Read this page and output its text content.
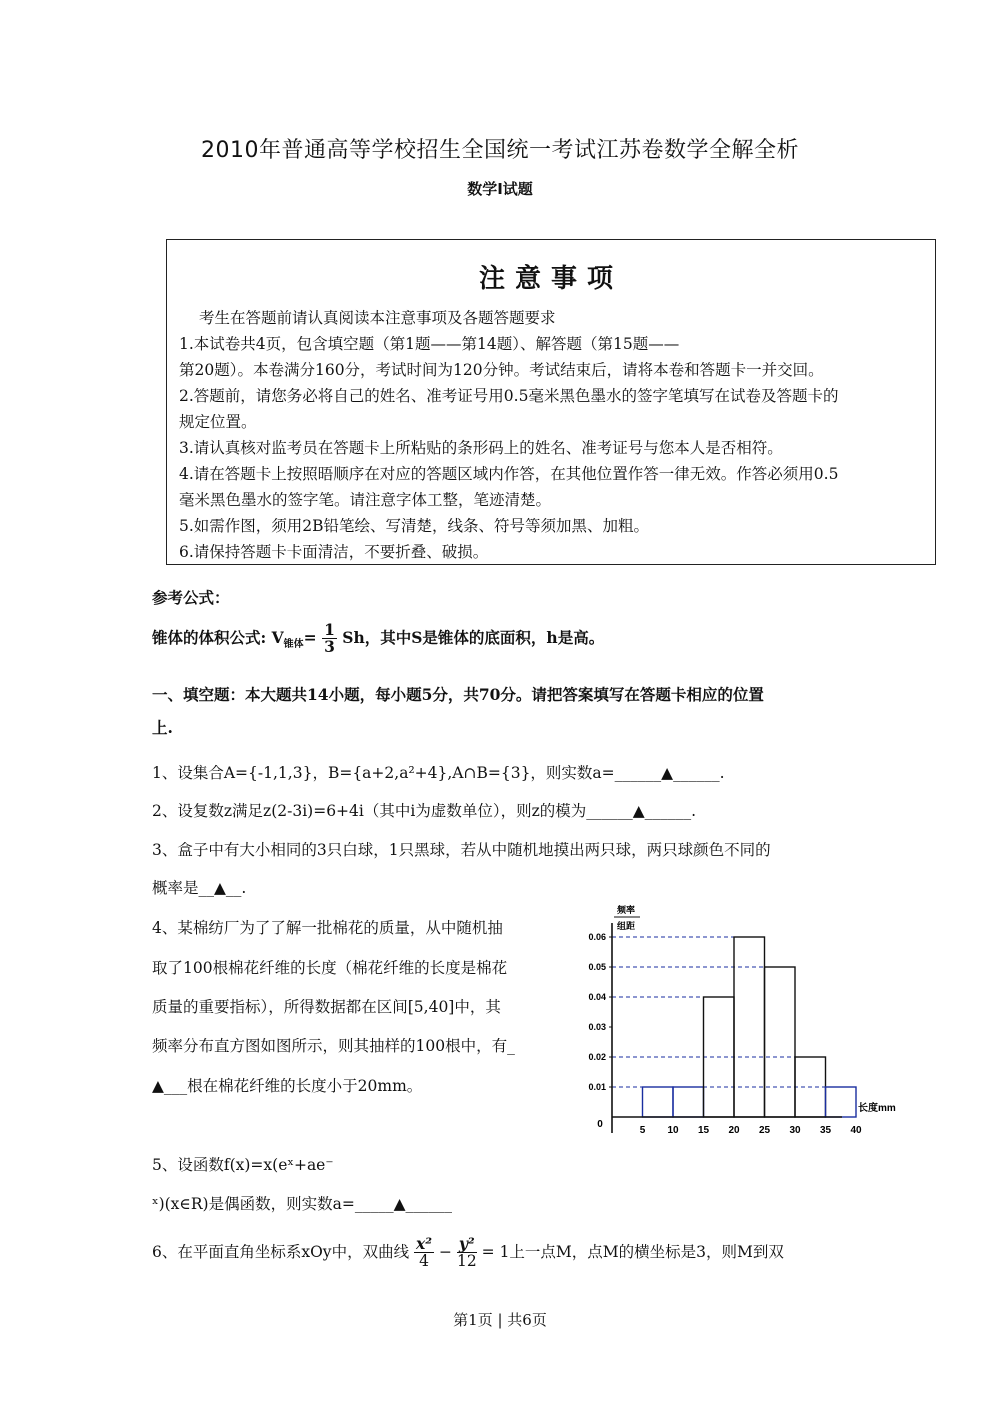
2010年普通高等学校招生全国统一考试江苏卷数学全解全析
数学Ⅰ试题
注意事项
考生在答题前请认真阅读本注意事项及各题答题要求
1.本试卷共4页，包含填空题（第1题——第14题）、解答题（第15题——
第20题）。本卷满分160分，考试时间为120分钟。考试结束后，请将本卷和答题卡一并交回。
2.答题前，请您务必将自己的姓名、准考证号用0.5毫米黑色墨水的签字笔填写在试卷及答题卡的
规定位置。
3.请认真核对监考员在答题卡上所粘贴的条形码上的姓名、准考证号与您本人是否相符。
4.请在答题卡上按照晤顺序在对应的答题区域内作答，在其他位置作答一律无效。作答必须用0.5
毫米黑色墨水的签字笔。请注意字体工整，笔迹清楚。
5.如需作图，须用2B铅笔绘、写清楚，线条、符号等须加黑、加粗。
6.请保持答题卡卡面清洁，不要折叠、破损。
参考公式：
锥体的体积公式: $V_{锥体}= \frac{1}{3}$ Sh，其中S是锥体的底面积，h是高。
一、填空题：本大题共14小题，每小题5分，共70分。请把答案填写在答题卡相应的位置
上.
1、设集合A={-1,1,3}，B={a+2,a²+4},A∩B={3}，则实数a=______▲______.
2、设复数z满足z(2-3i)=6+4i（其中i为虚数单位），则z的模为______▲______.
3、盒子中有大小相同的3只白球，1只黑球，若从中随机地摸出两只球，两只球颜色不同的
概率是__▲__.
4、某棉纺厂为了了解一批棉花的质量，从中随机抽
取了100根棉花纤维的长度（棉花纤维的长度是棉花
质量的重要指标），所得数据都在区间[5,40]中，其
频率分布直方图如图所示，则其抽样的100根中，有_
▲___根在棉花纤维的长度小于20mm。	0.01
0.02
0.03
0.04
0.05
0.06
5 10 15 20 25 30 35 40
0
频率
组距
长度mm
5、设函数f(x)=x(eˣ+ae⁻
ˣ)(x∈R)是偶函数，则实数a=_____▲______
6、在平面直角坐标系xOy中，双曲线 $\frac{\text{x²}}{4} - \frac{\text{y²}}{12} = 1$上一点M，点M的横坐标是3，则M到双
第1页 | 共6页
